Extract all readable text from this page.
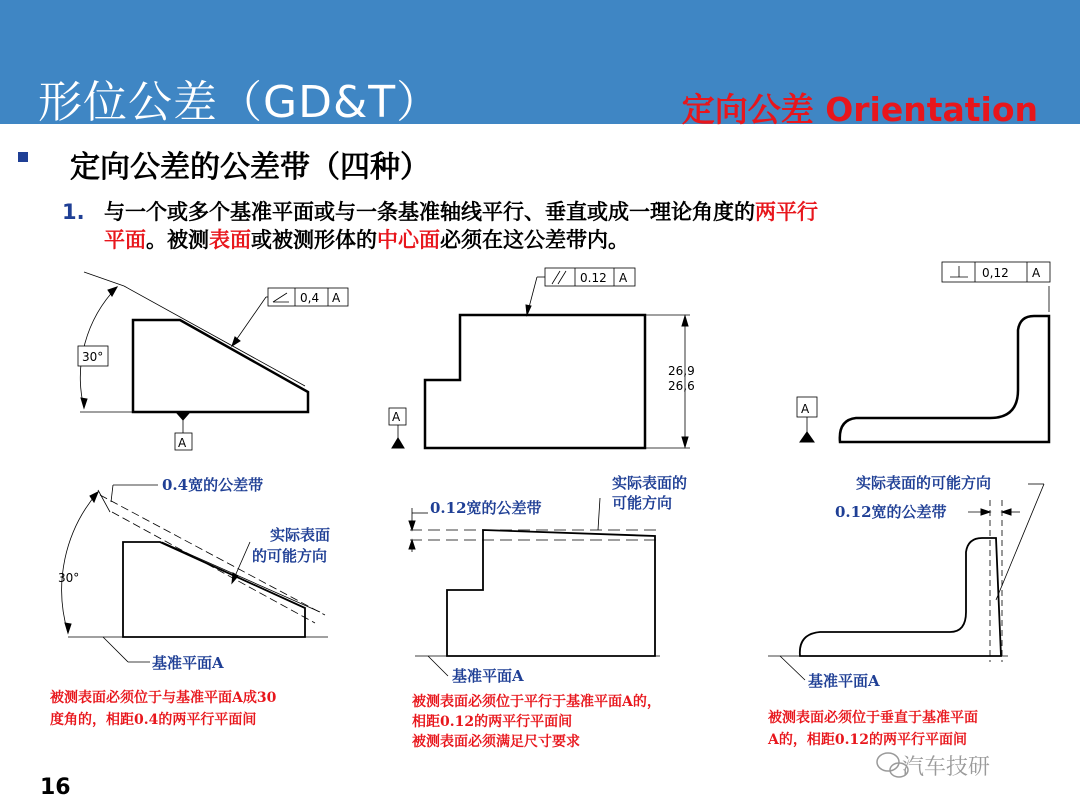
形位公差（GD&T）	定向公差 Orientation
定向公差的公差带（四种）
1. 与一个或多个基准平面或与一条基准轴线平行、垂直或成一理论角度的两平行
平面。被测表面或被测形体的中心面必须在这公差带内。
0,4 A
30°
A
0.4宽的公差带
实际表面
的可能方向
30°
基准平面A
被测表面必须位于与基准平面A成30
度角的，相距0.4的两平行平面间
0.12 A
26,9
26,6
A
0.12宽的公差带
实际表面的
可能方向
基准平面A
被测表面必须位于平行于基准平面A的，
相距0.12的两平行平面间
被测表面必须满足尺寸要求
0,12 A
A
实际表面的可能方向
0.12宽的公差带
基准平面A
被测表面必须位于垂直于基准平面
A的，相距0.12的两平行平面间
汽车技研
16
